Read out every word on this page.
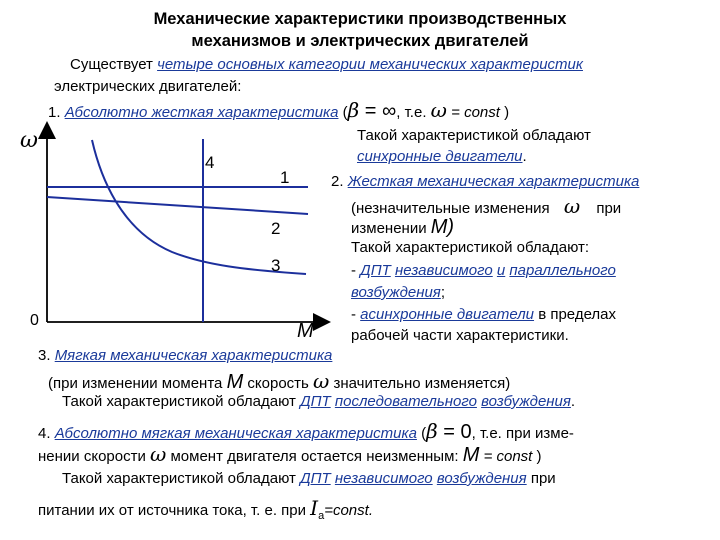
Механические характеристики производственных
механизмов и электрических двигателей
Существует четыре основных категории механических характеристик
электрических двигателей:
1. Абсолютно жесткая характеристика (β = ∞, т.е. ω = const )
Такой характеристикой обладают
синхронные двигатели.
2. Жесткая механическая характеристика
(незначительные изменения ω при
изменении M)
Такой характеристикой обладают:
- ДПТ независимого и параллельного
возбуждения;
- асинхронные двигатели в пределах
рабочей части характеристики.
3. Мягкая механическая характеристика
(при изменении момента M скорость ω значительно изменяется)
Такой характеристикой обладают ДПТ последовательного возбуждения.
4. Абсолютно мягкая механическая характеристика (β = 0, т.е. при изме-
нении скорости ω момент двигателя остается неизменным: M = const )
Такой характеристикой обладают ДПТ независимого возбуждения при
питании их от источника тока, т. е. при $I_a=const$.
ω
M
0
1
2
3
4
